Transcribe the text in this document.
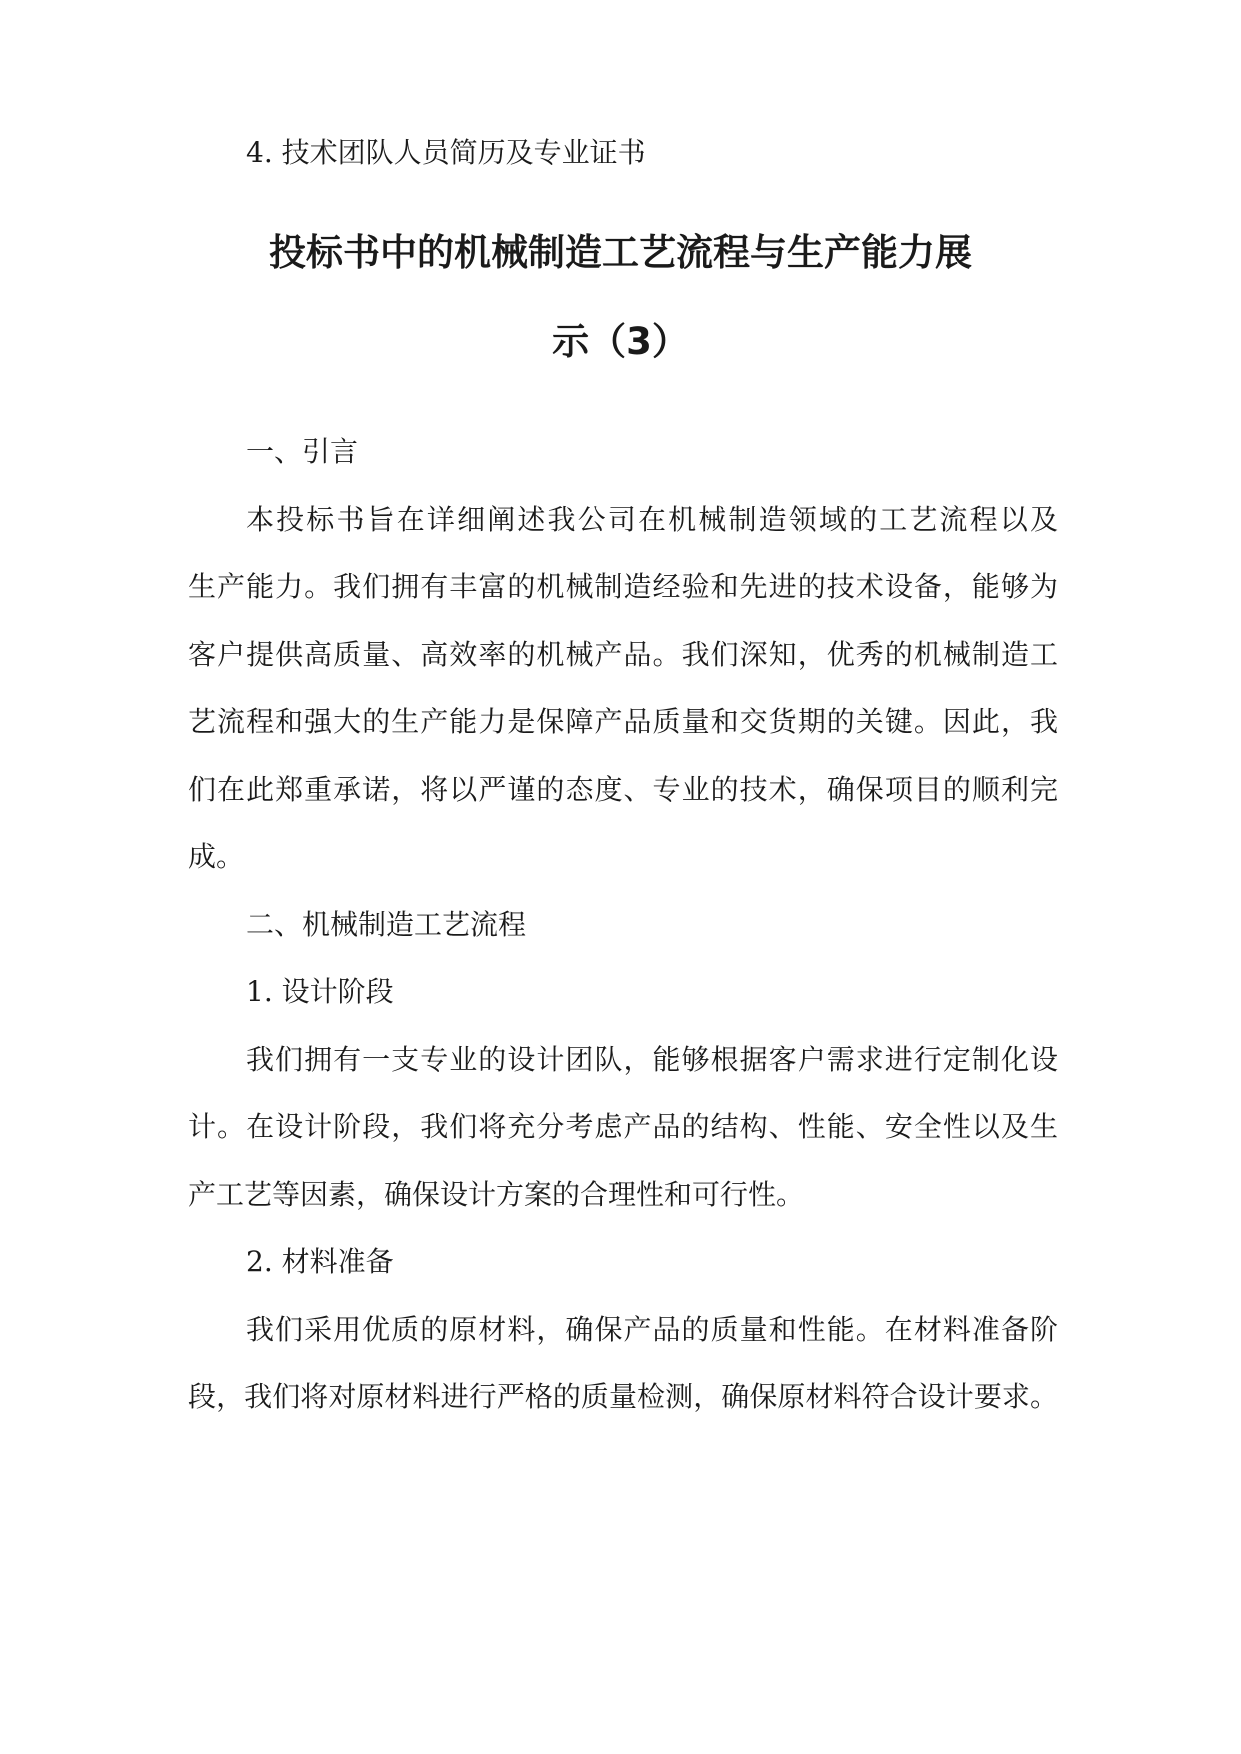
4. 技术团队人员简历及专业证书
投标书中的机械制造工艺流程与生产能力展
示（3）
一、引言
本投标书旨在详细阐述我公司在机械制造领域的工艺流程以及
生产能力。我们拥有丰富的机械制造经验和先进的技术设备，能够为
客户提供高质量、高效率的机械产品。我们深知，优秀的机械制造工
艺流程和强大的生产能力是保障产品质量和交货期的关键。因此，我
们在此郑重承诺，将以严谨的态度、专业的技术，确保项目的顺利完
成。
二、机械制造工艺流程
1. 设计阶段
我们拥有一支专业的设计团队，能够根据客户需求进行定制化设
计。在设计阶段，我们将充分考虑产品的结构、性能、安全性以及生
产工艺等因素，确保设计方案的合理性和可行性。
2. 材料准备
我们采用优质的原材料，确保产品的质量和性能。在材料准备阶
段，我们将对原材料进行严格的质量检测，确保原材料符合设计要求。
